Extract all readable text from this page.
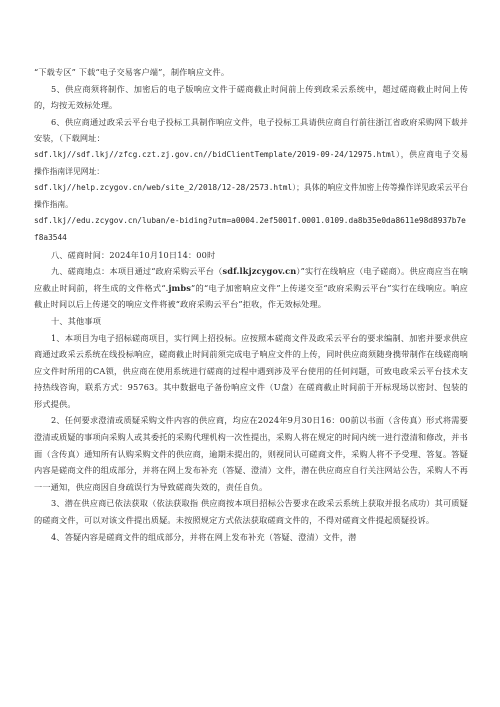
“下载专区” 下载“电子交易客户端”，制作响应文件。

5、供应商须将制作、加密后的电子版响应文件于磋商截止时间前上传到政采云系统中，超过磋商截止时间上传的，均按无效标处理。

6、供应商通过政采云平台电子投标工具制作响应文件，电子投标工具请供应商自行前往浙江省政府采购网下载并安装，（下载网址：

sdf.lkj//sdf.lkj//zfcg.czt.zj.gov.cn//bidClientTemplate/2019-09-24/12975.html），供应商电子交易操作指南详见网址：

sdf.lkj//help.zcygov.cn/web/site_2/2018/12-28/2573.html）；具体的响应文件加密上传等操作详见政采云平台操作指南。

sdf.lkj//edu.zcygov.cn/luban/e-biding?utm=a0004.2ef5001f.0001.0109.da8b35e0da8611e98d8937b7ef8a3544

八、磋商时间：2024年10月10日14：00时

九、磋商地点：本项目通过“政府采购云平台（sdf.lkjzcygov.cn）”实行在线响应（电子磋商）。供应商应当在响应截止时间前，将生成的文件格式“.jmbs”的“电子加密响应文件”上传递交至“政府采购云平台”实行在线响应。响应截止时间以后上传递交的响应文件将被“政府采购云平台”拒收，作无效标处理。

十、其他事项

1、本项目为电子招标磋商项目，实行网上招投标。应按照本磋商文件及政采云平台的要求编制、加密并要求供应商通过政采云系统在线投标响应，磋商截止时间前须完成电子响应文件的上传，同时供应商须随身携带制作在线磋商响应文件时所用的CA锁，供应商在使用系统进行磋商的过程中遇到涉及平台使用的任何问题，可致电政采云平台技术支持热线咨询，联系方式：95763。其中数据电子备份响应文件（U盘）在磋商截止时间前于开标现场以密封、包装的形式提供。

2、任何要求澄清或质疑采购文件内容的供应商，均应在2024年9月30日16：00前以书面（含传真）形式将需要澄清或质疑的事项向采购人或其委托的采购代理机构一次性提出，采购人将在规定的时间内统一进行澄清和修改，并书面（含传真）通知所有认购采购文件的供应商，逾期未提出的，则视同认可磋商文件，采购人将不予受理、答复。答疑内容是磋商文件的组成部分，并将在网上发布补充（答疑、澄清）文件，潜在供应商应自行关注网站公告，采购人不再一一通知，供应商因自身疏误行为导致磋商失效的，责任自负。

3、潜在供应商已依法获取（依法获取指 供应商按本项目招标公告要求在政采云系统上获取并报名成功）其可质疑的磋商文件，可以对该文件提出质疑。未按照规定方式依法获取磋商文件的，不得对磋商文件提起质疑投诉。

4、答疑内容是磋商文件的组成部分，并将在网上发布补充（答疑、澄清）文件，潜
